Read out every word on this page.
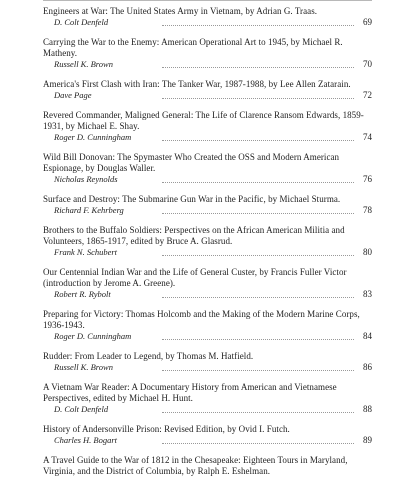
Engineers at War: The United States Army in Vietnam, by Adrian G. Traas.
D. Colt Denfeld	69
Carrying the War to the Enemy: American Operational Art to 1945, by Michael R. Matheny.
Russell K. Brown	70
America's First Clash with Iran: The Tanker War, 1987-1988, by Lee Allen Zatarain.
Dave Page	72
Revered Commander, Maligned General: The Life of Clarence Ransom Edwards, 1859-1931, by Michael E. Shay.
Roger D. Cunningham	74
Wild Bill Donovan: The Spymaster Who Created the OSS and Modern American Espionage, by Douglas Waller.
Nicholas Reynolds	76
Surface and Destroy: The Submarine Gun War in the Pacific, by Michael Sturma.
Richard F. Kehrberg	78
Brothers to the Buffalo Soldiers: Perspectives on the African American Militia and Volunteers, 1865-1917, edited by Bruce A. Glasrud.
Frank N. Schubert	80
Our Centennial Indian War and the Life of General Custer, by Francis Fuller Victor (introduction by Jerome A. Greene).
Robert R. Rybolt	83
Preparing for Victory: Thomas Holcomb and the Making of the Modern Marine Corps, 1936-1943.
Roger D. Cunningham	84
Rudder: From Leader to Legend, by Thomas M. Hatfield.
Russell K. Brown	86
A Vietnam War Reader: A Documentary History from American and Vietnamese Perspectives, edited by Michael H. Hunt.
D. Colt Denfeld	88
History of Andersonville Prison: Revised Edition, by Ovid I. Futch.
Charles H. Bogart	89
A Travel Guide to the War of 1812 in the Chesapeake: Eighteen Tours in Maryland, Virginia, and the District of Columbia, by Ralph E. Eshelman.
